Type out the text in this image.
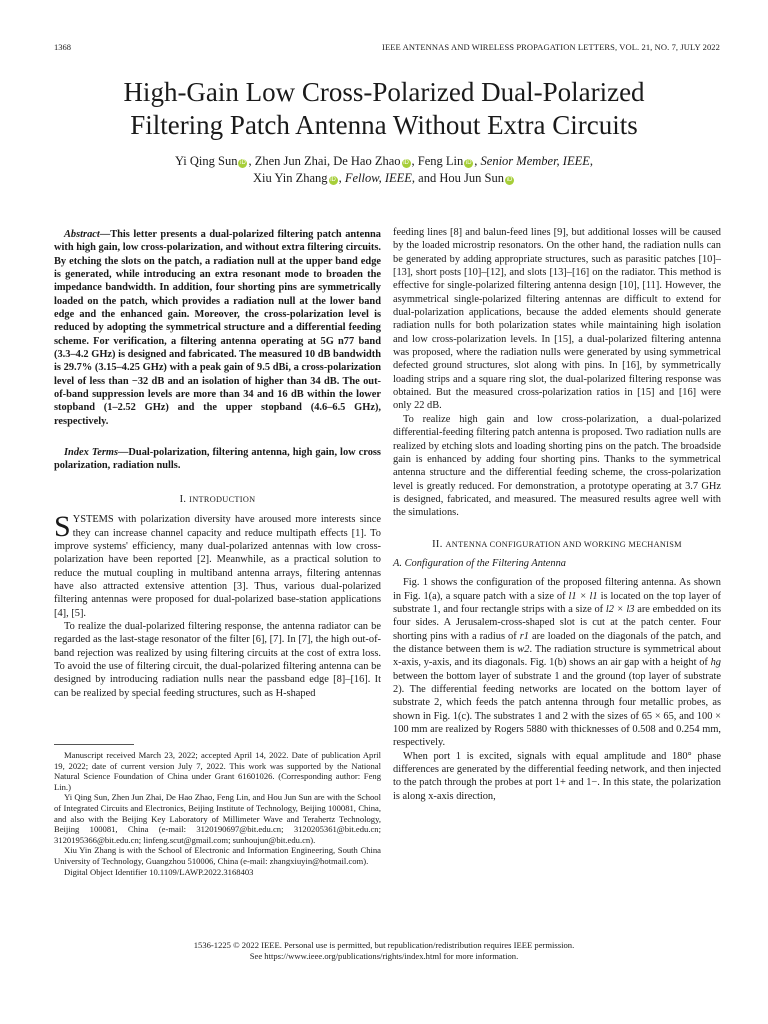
1368	IEEE ANTENNAS AND WIRELESS PROPAGATION LETTERS, VOL. 21, NO. 7, JULY 2022
High-Gain Low Cross-Polarized Dual-Polarized Filtering Patch Antenna Without Extra Circuits
Yi Qing Sun iD , Zhen Jun Zhai, De Hao Zhao iD , Feng Lin iD , Senior Member, IEEE,
Xiu Yin Zhang iD , Fellow, IEEE, and Hou Jun Sun iD

Abstract—This letter presents a dual-polarized filtering patch antenna with high gain, low cross-polarization, and without extra filtering circuits. By etching the slots on the patch, a radiation null at the upper band edge is generated, while introducing an extra resonant mode to broaden the impedance bandwidth. In addition, four shorting pins are symmetrically loaded on the patch, which provides a radiation null at the lower band edge and the enhanced gain. Moreover, the cross-polarization level is reduced by adopting the symmetrical structure and a differential feeding scheme. For verification, a filtering antenna operating at 5G n77 band (3.3–4.2 GHz) is designed and fabricated. The measured 10 dB bandwidth is 29.7% (3.15–4.25 GHz) with a peak gain of 9.5 dBi, a cross-polarization level of less than −32 dB and an isolation of higher than 34 dB. The out-of-band suppression levels are more than 34 and 16 dB within the lower stopband (1–2.52 GHz) and the upper stopband (4.6–6.5 GHz), respectively.

Index Terms—Dual-polarization, filtering antenna, high gain, low cross polarization, radiation nulls.

I. INTRODUCTION

SYSTEMS with polarization diversity have aroused more interests since they can increase channel capacity and reduce multipath effects [1]. To improve systems' efficiency, many dual-polarized antennas with low cross-polarization have been reported [2]. Meanwhile, as a practical solution to reduce the mutual coupling in multiband antenna arrays, filtering antennas have also attracted extensive attention [3]. Thus, various dual-polarized filtering antennas were proposed for dual-polarized base-station applications [4], [5].

To realize the dual-polarized filtering response, the antenna radiator can be regarded as the last-stage resonator of the filter [6], [7]. In [7], the high out-of-band rejection was realized by using filtering circuits at the cost of extra loss. To avoid the use of filtering circuit, the dual-polarized filtering antenna can be designed by introducing radiation nulls near the passband edge [8]–[16]. It can be realized by special feeding structures, such as H-shaped

Manuscript received March 23, 2022; accepted April 14, 2022. Date of publication April 19, 2022; date of current version July 7, 2022. This work was supported by the National Natural Science Foundation of China under Grant 61601026. (Corresponding author: Feng Lin.)

Yi Qing Sun, Zhen Jun Zhai, De Hao Zhao, Feng Lin, and Hou Jun Sun are with the School of Integrated Circuits and Electronics, Beijing Institute of Technology, Beijing 100081, China, and also with the Beijing Key Laboratory of Millimeter Wave and Terahertz Technology, Beijing 100081, China (e-mail: 3120190697@bit.edu.cn; 3120205361@bit.edu.cn; 3120195366@bit.edu.cn; linfeng.scut@gmail.com; sunhoujun@bit.edu.cn).

Xiu Yin Zhang is with the School of Electronic and Information Engineering, South China University of Technology, Guangzhou 510006, China (e-mail: zhangxiuyin@hotmail.com).

Digital Object Identifier 10.1109/LAWP.2022.3168403

feeding lines [8] and balun-feed lines [9], but additional losses will be caused by the loaded microstrip resonators. On the other hand, the radiation nulls can be generated by adding appropriate structures, such as parasitic patches [10]–[13], short posts [10]–[12], and slots [13]–[16] on the radiator. This method is effective for single-polarized filtering antenna design [10], [11]. However, the asymmetrical single-polarized filtering antennas are difficult to extend for dual-polarization applications, because the added elements should generate radiation nulls for both polarization states while maintaining high isolation and low cross-polarization levels. In [15], a dual-polarized filtering antenna was proposed, where the radiation nulls were generated by using symmetrical defected ground structures, slot along with pins. In [16], by symmetrically loading strips and a square ring slot, the dual-polarized filtering response was obtained. But the measured cross-polarization ratios in [15] and [16] were only 22 dB.

To realize high gain and low cross-polarization, a dual-polarized differential-feeding filtering patch antenna is proposed. Two radiation nulls are realized by etching slots and loading shorting pins on the patch. The broadside gain is enhanced by adding four shorting pins. Thanks to the symmetrical antenna structure and the differential feeding scheme, the cross-polarization level is greatly reduced. For demonstration, a prototype operating at 3.7 GHz is designed, fabricated, and measured. The measured results agree well with the simulations.

II. ANTENNA CONFIGURATION AND WORKING MECHANISM

A. Configuration of the Filtering Antenna

Fig. 1 shows the configuration of the proposed filtering antenna. As shown in Fig. 1(a), a square patch with a size of l1 × l1 is located on the top layer of substrate 1, and four rectangle strips with a size of l2 × l3 are embedded on its four sides. A Jerusalem-cross-shaped slot is cut at the patch center. Four shorting pins with a radius of r1 are loaded on the diagonals of the patch, and the distance between them is w2. The radiation structure is symmetrical about x-axis, y-axis, and its diagonals. Fig. 1(b) shows an air gap with a height of hg between the bottom layer of substrate 1 and the ground (top layer of substrate 2). The differential feeding networks are located on the bottom layer of substrate 2, which feeds the patch antenna through four metallic probes, as shown in Fig. 1(c). The substrates 1 and 2 with the sizes of 65 × 65, and 100 × 100 mm are realized by Rogers 5880 with thicknesses of 0.508 and 0.254 mm, respectively.

When port 1 is excited, signals with equal amplitude and 180° phase differences are generated by the differential feeding network, and then injected to the patch through the probes at port 1+ and 1−. In this state, the polarization is along x-axis direction,

1536-1225 © 2022 IEEE. Personal use is permitted, but republication/redistribution requires IEEE permission.
See https://www.ieee.org/publications/rights/index.html for more information.
